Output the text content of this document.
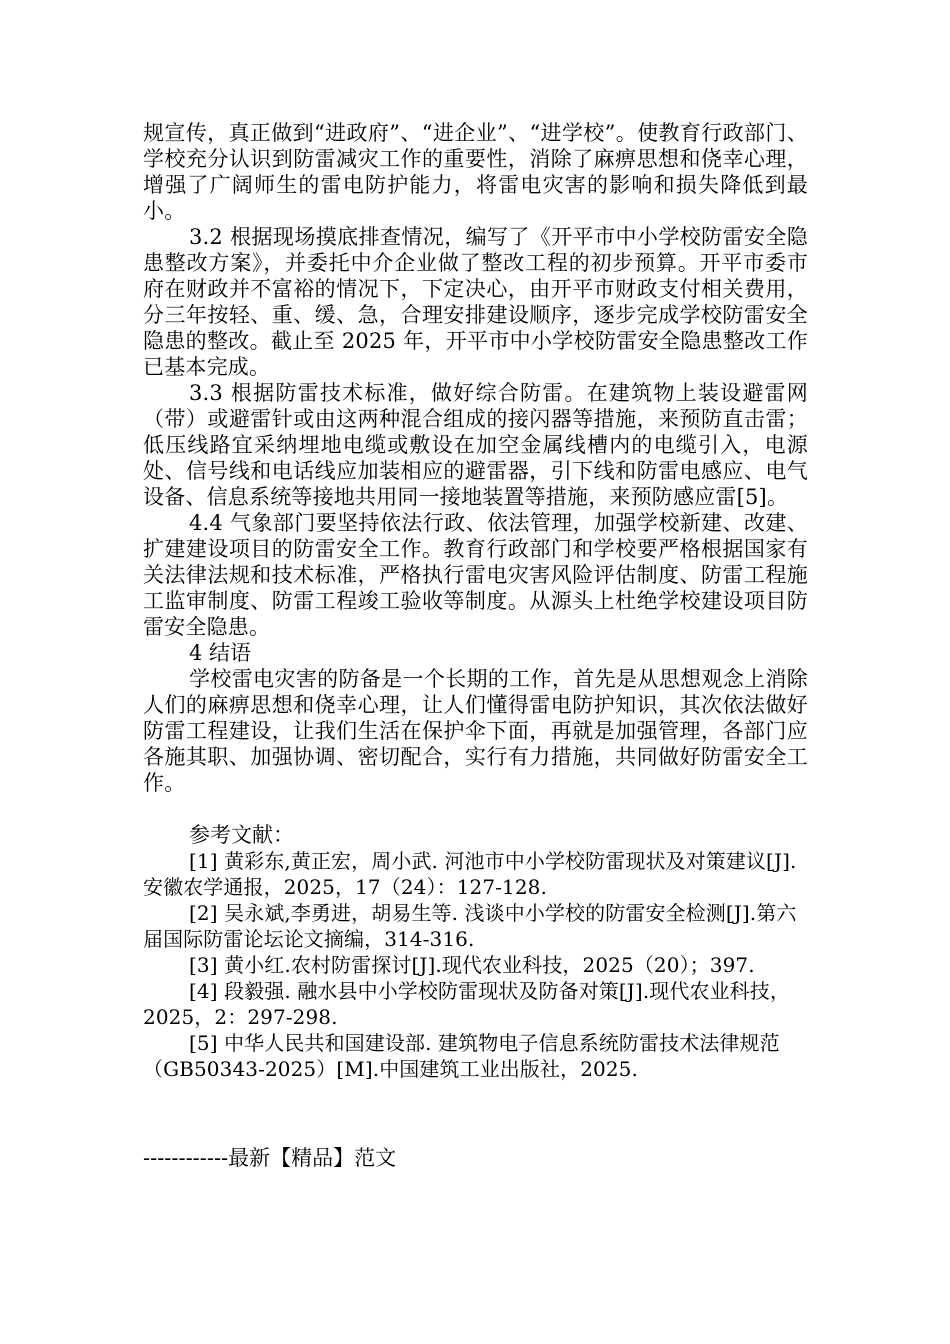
规宣传，真正做到“进政府”、“进企业”、“进学校”。使教育行政部门、学校充分认识到防雷减灾工作的重要性，消除了麻痹思想和侥幸心理，增强了广阔师生的雷电防护能力，将雷电灾害的影响和损失降低到最小。

3.2 根据现场摸底排查情况，编写了《开平市中小学校防雷安全隐患整改方案》，并委托中介企业做了整改工程的初步预算。开平市委市府在财政并不富裕的情况下，下定决心，由开平市财政支付相关费用，分三年按轻、重、缓、急，合理安排建设顺序，逐步完成学校防雷安全隐患的整改。截止至 2025 年，开平市中小学校防雷安全隐患整改工作已基本完成。

3.3 根据防雷技术标准，做好综合防雷。在建筑物上装设避雷网（带）或避雷针或由这两种混合组成的接闪器等措施，来预防直击雷；低压线路宜采纳埋地电缆或敷设在加空金属线槽内的电缆引入，电源处、信号线和电话线应加装相应的避雷器，引下线和防雷电感应、电气设备、信息系统等接地共用同一接地装置等措施，来预防感应雷[5]。

4.4 气象部门要坚持依法行政、依法管理，加强学校新建、改建、扩建建设项目的防雷安全工作。教育行政部门和学校要严格根据国家有关法律法规和技术标准，严格执行雷电灾害风险评估制度、防雷工程施工监审制度、防雷工程竣工验收等制度。从源头上杜绝学校建设项目防雷安全隐患。

4 结语

学校雷电灾害的防备是一个长期的工作，首先是从思想观念上消除人们的麻痹思想和侥幸心理，让人们懂得雷电防护知识，其次依法做好防雷工程建设，让我们生活在保护伞下面，再就是加强管理，各部门应各施其职、加强协调、密切配合，实行有力措施，共同做好防雷安全工作。

参考文献：

[1] 黄彩东,黄正宏，周小武. 河池市中小学校防雷现状及对策建议[J].安徽农学通报，2025，17（24）：127-128.

[2] 吴永斌,李勇进，胡易生等. 浅谈中小学校的防雷安全检测[J].第六届国际防雷论坛论文摘编，314-316.

[3] 黄小红.农村防雷探讨[J].现代农业科技，2025（20）；397.

[4] 段毅强. 融水县中小学校防雷现状及防备对策[J].现代农业科技，2025，2：297-298.

[5] 中华人民共和国建设部. 建筑物电子信息系统防雷技术法律规范（GB50343-2025）[M].中国建筑工业出版社，2025.

------------最新【精品】范文
